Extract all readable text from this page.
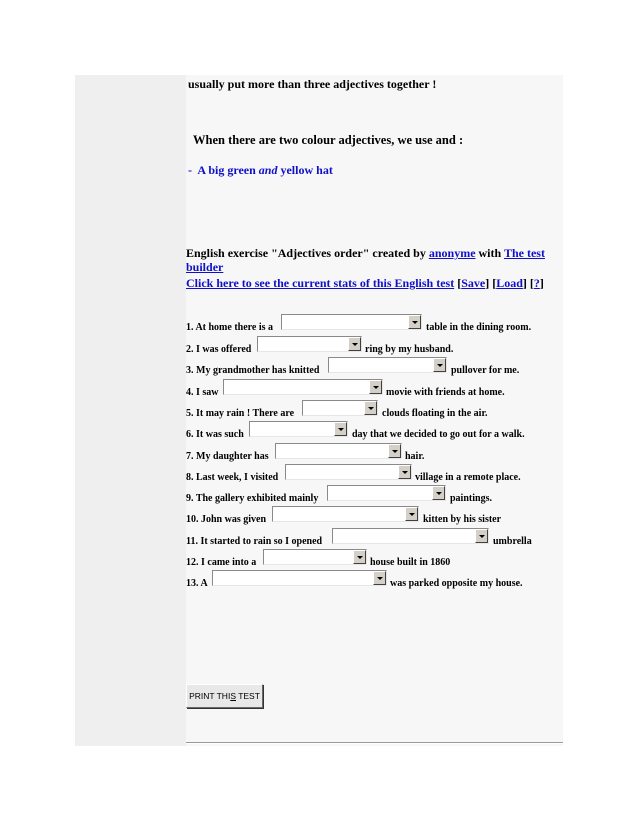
usually put more than three adjectives together !
When there are two colour adjectives, we use and :
- A big green and yellow hat
English exercise "Adjectives order" created by anonyme with The test builder
Click here to see the current stats of this English test [Save] [Load] [?]
1. At home there is a	table in the dining room.
2. I was offered	ring by my husband.
3. My grandmother has knitted	pullover for me.
4. I saw	movie with friends at home.
5. It may rain ! There are	clouds floating in the air.
6. It was such	day that we decided to go out for a walk.
7. My daughter has	hair.
8. Last week, I visited	village in a remote place.
9. The gallery exhibited mainly	paintings.
10. John was given	kitten by his sister
11. It started to rain so I opened	umbrella
12. I came into a	house built in 1860
13. A	was parked opposite my house.
PRINT THIS TEST
